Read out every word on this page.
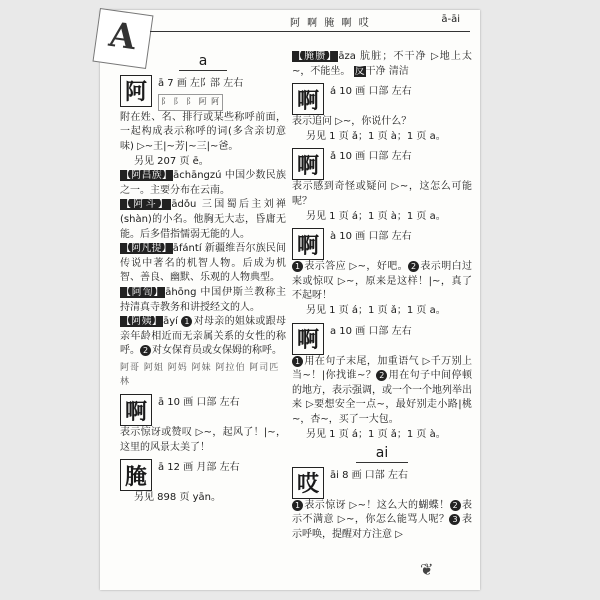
A	阿 啊 腌 啊 哎	ā-āi
a
阿	ā 7 画 左阝部 左右
阝 阝 阝 阿 阿

附在姓、名、排行或某些称呼前面，一起构成表示称呼的词(多含亲切意味) ▷~王|~芳|~三|~爸。

另见 207 页 ē。

【阿昌族】āchāngzú 中国少数民族之一。主要分布在云南。

【阿斗】ādǒu 三国蜀后主刘禅(shàn)的小名。他胸无大志，昏庸无能。后多借指懦弱无能的人。

【阿凡提】āfántí 新疆维吾尔族民间传说中著名的机智人物。后成为机智、善良、幽默、乐观的人物典型。

【阿訇】āhōng 中国伊斯兰教称主持清真寺教务和讲授经文的人。

【阿姨】āyí 1 对母亲的姐妹或跟母亲年龄相近而无亲属关系的女性的称呼。 2 对女保育员或女保姆的称呼。

阿哥 阿姐 阿妈 阿妹 阿拉伯 阿司匹林
啊	ā 10 画 口部 左右

表示惊讶或赞叹 ▷~，起风了！|~，这里的风景太美了！

腌	ā 12 画 月部 左右

另见 898 页 yān。

【腌臜】āza 肮脏；不干净 ▷地上太~，不能坐。 反干净 清洁

啊	á 10 画 口部 左右

表示追问 ▷~，你说什么？

另见 1 页 ǎ；1 页 à；1 页 a。

啊	ǎ 10 画 口部 左右

表示感到奇怪或疑问 ▷~，这怎么可能呢？

另见 1 页 á；1 页 à；1 页 a。

啊	à 10 画 口部 左右

1 表示答应 ▷~，好吧。 2 表示明白过来或惊叹 ▷~，原来是这样！|~，真了不起呀！

另见 1 页 á；1 页 ǎ；1 页 a。

啊	a 10 画 口部 左右

1 用在句子末尾，加重语气 ▷千万别上当~！|你找谁~？ 2 用在句子中间停顿的地方，表示强调，或一个一个地列举出来 ▷要想安全一点~，最好别走小路|桃~，杏~，买了一大包。

另见 1 页 á；1 页 ǎ；1 页 à。

ai
哎	āi 8 画 口部 左右

1 表示惊讶 ▷~！这么大的蝴蝶！ 2 表示不满意 ▷~，你怎么能骂人呢？ 3 表示呼唤，提醒对方注意 ▷

❦
